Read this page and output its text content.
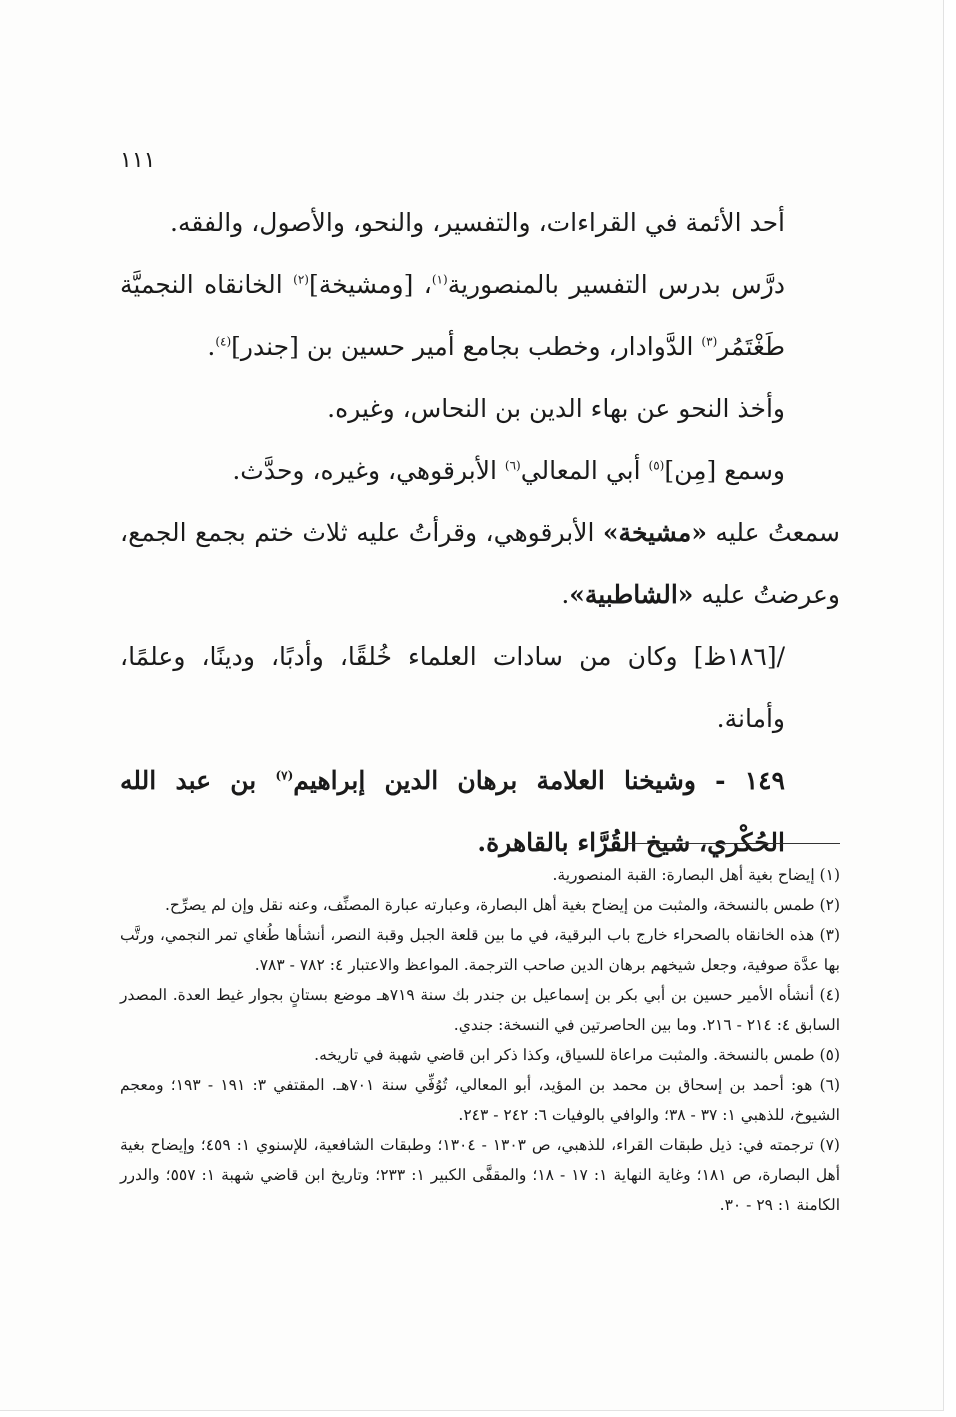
١١١

أحد الأئمة في القراءات، والتفسير، والنحو، والأصول، والفقه.

درَّس بدرس التفسير بالمنصورية$^{(١)}$، [ومشيخة]$^{(٢)}$ الخانقاه النجميَّة طَغْتَمُر$^{(٣)}$ الدَّوادار، وخطب بجامع أمير حسين بن [جندر]$^{(٤)}$.

وأخذ النحو عن بهاء الدين بن النحاس، وغيره.

وسمع [مِن]$^{(٥)}$ أبي المعالي$^{(٦)}$ الأبرقوهي، وغيره، وحدَّث.

سمعتُ عليه «مشيخة» الأبرقوهي، وقرأتُ عليه ثلاث ختم بجمع الجمع، وعرضتُ عليه «الشاطبية».

/[١٨٦ظ] وكان من سادات العلماء خُلقًا، وأدبًا، ودينًا، وعلمًا، وأمانة.

١٤٩ - وشيخنا العلامة برهان الدين إبراهيم$^{(٧)}$ بن عبد الله الحُكْري، شيخ القُرَّاء بالقاهرة.

(١) إيضاح بغية أهل البصارة: القبة المنصورية.

(٢) طمس بالنسخة، والمثبت من إيضاح بغية أهل البصارة، وعبارته عبارة المصنِّف، وعنه نقل وإن لم يصرِّح.

(٣) هذه الخانقاه بالصحراء خارج باب البرقية، في ما بين قلعة الجبل وقبة النصر، أنشأها طُغاي تمر النجمي، ورتَّب بها عدَّة صوفية، وجعل شيخهم برهان الدين صاحب الترجمة. المواعظ والاعتبار ٤: ٧٨٢ - ٧٨٣.

(٤) أنشأه الأمير حسين بن أبي بكر بن إسماعيل بن جندر بك سنة ٧١٩هـ موضع بستانٍ بجوار غيط العدة. المصدر السابق ٤: ٢١٤ - ٢١٦. وما بين الحاصرتين في النسخة: جندي.

(٥) طمس بالنسخة. والمثبت مراعاة للسياق، وكذا ذكر ابن قاضي شهبة في تاريخه.

(٦) هو: أحمد بن إسحاق بن محمد بن المؤيد، أبو المعالي، تُوُفِّي سنة ٧٠١هـ. المقتفي ٣: ١٩١ - ١٩٣؛ ومعجم الشيوخ، للذهبي ١: ٣٧ - ٣٨؛ والوافي بالوفيات ٦: ٢٤٢ - ٢٤٣.

(٧) ترجمته في: ذيل طبقات القراء، للذهبي، ص ١٣٠٣ - ١٣٠٤؛ وطبقات الشافعية، للإسنوي ١: ٤٥٩؛ وإيضاح بغية أهل البصارة، ص ١٨١؛ وغاية النهاية ١: ١٧ - ١٨؛ والمقفَّى الكبير ١: ٢٣٣؛ وتاريخ ابن قاضي شهبة ١: ٥٥٧؛ والدرر الكامنة ١: ٢٩ - ٣٠.
